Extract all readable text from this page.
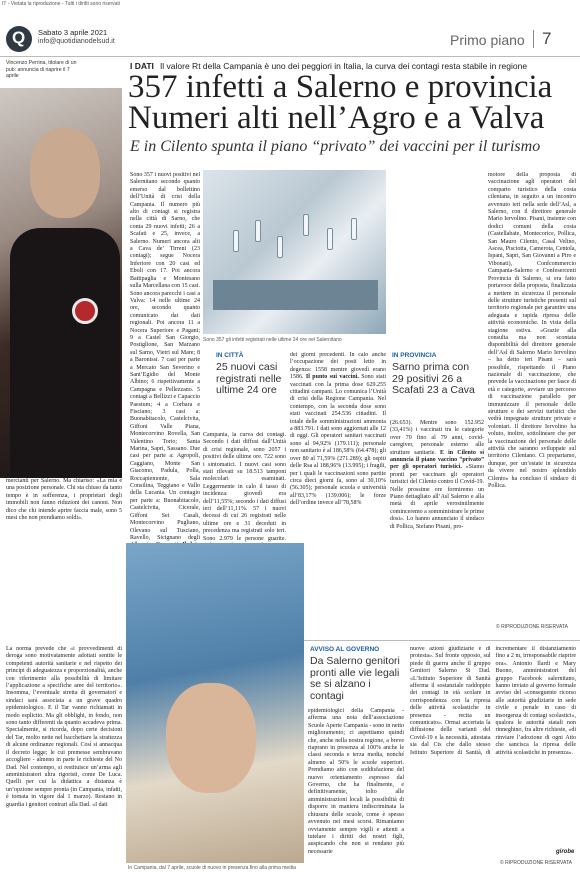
IT - Vietata la riproduzione - Tutti i diritti sono riservati
Q Sabato 3 aprile 2021
info@quotidianodelsud.it	Primo piano 7
Vincenzo Perrina, titolare di un pub: annuncia di riaprire il 7 aprile
mercianti per Salerno. Ma chiariso: «La mia è una posizione personale. Chi sta chiuso da tanto tempo è in sofferenza, i proprietari degli immobili non fanno riduzioni dei canoni. Non dico che chi intende aprire faccia male, sono 5 mesi che non prendiamo soldi».
I DATI Il valore Rt della Campania è uno dei peggiori in Italia, la curva dei contagi resta stabile in regione
357 infetti a Salerno e provincia
Numeri alti nell’Agro e a Valva
E in Cilento spunta il piano “privato” dei vaccini per il turismo
Sono 357 i nuovi positivi nel Salernitano secondo quanto emerso dal bollettino dell’Unità di crisi della Campania. Il numero più alto di contagi si registra nella città di Sarno, che conta 29 nuovi infetti; 26 a Scafati e 25, invece, a Salerno. Numeri ancora alti a Cava de’ Tirreni (23 contagi); segue Nocera Inferiore con 20 casi ed Eboli con 17. Poi ancora Battipaglia e Montesano sulla Marcellana con 15 casi. Sono ancora parecchi i casi a Valva: 14 nelle ultime 24 ore, secondo quanto comunicato dai dati regionali. Poi ancora 11 a Nocera Superiore e Pagani; 9 a Castel San Giorgio, Postiglione, San Marzano sul Sarno, Vietri sul Mare; 8 a Baronissi. 7 casi per parte a Mercato San Severino e Sant’Egidio del Monte Albino; 6 rispettivamente a Campagna e Pellezzano. 5 contagi a Bellizzi e Capaccio Paestum; 4 a Corbara e Fisciano; 3 casi a: Buonabitacolo, Castelcivita, Giffoni Valle Piana, Montecorvino Rovella, San Valentino Torio; Santa Marina, Sapri, Sassano. Due casi per parte a: Agropoli, Caggiano, Monte San Giacomo, Padula, Polla, Roccapiemonte, Sala Consilina, Teggiano e Vallo della Lucania. Un contagio per parte a: Buonabitacolo, Castelcivita, Cicerale, Giffoni Sei Casali, Montecorvino Pugliano, Olevano sul Tusciano, Ravello, Sicignano degli
Sono 357 gli infetti registrati nelle ultime 24 ore nel Salernitano
IN CITTÀ
25 nuovi casi registrati nelle ultime 24 ore
Campania, la curva dei contagi. Secondo i dati diffusi dall’Unità di crisi regionale, sono 2057 i positivi delle ultime ore. 722 sono i sintomatici. I nuovi casi sono stati rilevati su 18.513 tamponi molecolari esaminati. Leggermente in calo il tasso di incidenza: giovedì era dell’11,55%; secondo i dati diffusi ieri dell’11,11%. 57 i nuovi decessi di cui 26 registrati nelle ultime ore e 31 deceduti in precedenza ma registrati solo ieri. Sono 2.979 le persone guarite.
dei giorni precedenti. In calo anche l’occupazione dei posti letto in degenza: 1558 mentre giovedì erano 1586. Il punto sui vaccini. Sono stati vaccinati con la prima dose 629.255 cittadini campani. Lo comunica l’Unità di crisi della Regione Campania. Nel contempo, con la seconda dose sono stati vaccinati 254.536 cittadini. Il totale delle somministrazioni ammonta a 883.791. I dati sono aggiornati alle 12 di oggi. Gli operatori sanitari vaccinati sono al 94,92% (179.111); personale non sanitario è al 186,58% (64.478); gli over 80 al 71,59% (271.289); gli ospiti delle Rsa al 188,96% (13.995); i fragili, per i quali le vaccinazioni sono partite circa dieci giorni fa, sono al 30,10% (56.305); personale scuola e università all’83,17% (139.006); le forze dell’ordine invece all’78,58%
IN PROVINCIA
Sarno prima con 29 positivi 26 a Scafati 23 a Cava
(26.653). Mentre sono 152.952 (33,41%) i vaccinati tra le categorie over 70 fino al 79 anni, covid-caregiver, personale esterno alle strutture sanitarie. E in Cilento si annuncia il piano vaccino “privato” per gli operatori turistici. «Siamo pronti per vaccinare gli operatori turistici del Cilento contro il Covid-19. Nelle prossime ore formiremo un Piano dettagliato all’Asl Salerno e alla metà di aprile verosimilmente cominceremo a somministrare le prime dosi». Lo hanno annunciato il sindaco di Pollica, Stefano Pisani, pro-
motore della proposta di vaccinazione agli operatori del comparto turistico della costa cilentana, in seguito a un incontro avvenuto ieri nella sede dell’Asl, a Salerno, con il direttore generale Mario Iervolino. Pisani, insieme con dodici comuni della costa (Castellabate, Montecorice, Pollica, San Mauro Cilento, Casal Velino, Ascea, Pisciotta, Camerota, Centola, Ispani, Sapri, San Giovanni a Piro e Vibonati), Confcommercio Campania-Salerno e Confesercenti Provincia di Salerno, si era fatto portavoce della proposta, finalizzata a mettere in sicurezza il personale delle strutture turistiche presenti sul territorio regionale per garantire una adeguata e rapida ripresa delle attività economiche. In vista della stagione estiva. «Grazie alla consulta ma non scontata disponibilità del direttore generale dell’Asl di Salerno Mario Iervolino – ha detto ieri Pisani – sarà possibile, rispettando il Piano nazionale di vaccinazione, che prevede la vaccinazione per fasce di età e categorie, avviare un percorso di vaccinazione parallelo per immunizzare il personale delle strutture e dei servizi turistici che vedrà impegnate strutture private e volontari. Il direttore Iervolino ha voluto, inoltre, sottolineare che per la vaccinazione del personale delle attività che saranno sviluppate sul territorio Cilentano. Ci prepariamo, dunque, per un’estate in sicurezza da vivere nel nostro splendido Cilento» ha concluso il sindaco di Pollica.
© RIPRODUZIONE RISERVATA
La norma prevede che «i provvedimenti di deroga sono motivatamente adottati sentite le competenti autorità sanitarie e nel rispetto dei principi di adeguatezza e proporzionalità, anche con riferimento alla possibilità di limitare l’applicazione a specifiche aree del territorio». Insomma, l’eventuale stretta di governatori e sindaci sarà associata a un grave quadro epidemiologico. E il Tar vanno richiamati in modo esplicito. Ma gli obblighi, in fondo, non sono tanto differenti da quanto accadeva prima. Specialmente, si ricorda, dopo certe decisioni del Tar, molto nette nel bacchettare la strattezza di alcune ordinanze regionali. Così si annacqua il decreto legge; le cui premesse sembravano accogliere - almeno in parte le richieste del No Dad. Nel contempo, si restituisce un’arma agli amministratori ultra rigoristi, come De Luca. Quelli per cui la didattica a distanza è un’opzione sempre pronta (in Campania, infatti, è tornata in vigore dal 1 marzo). Restano in guardia i genitori contrari alla Dad. «I dati
In Campania, dal 7 aprile, scuole di nuovo in presenza fino alla prima media
AVVISO AL GOVERNO
Da Salerno genitori pronti alle vie legali se si alzano i contagi
epidemiologici della Campania - afferma una nota dell’associazione Scuole Aperte Campania - sono in netto miglioramento; ci aspettiamo quindi che, anche nella nostra regione, a breve riaprano in presenza al 100% anche le classi seconda e terza media, nonché almeno al 50% le scuole superiori. Prendiamo atto con soddisfazione del nuovo orientamento espresso dal Governo, che ha finalmente, e definitivamente, tolto alle amministrazioni locali la possibilità di disporre in maniera indiscriminata la chiusura delle scuole, come è spesso avvenuto nei mesi scorsi. Rimaniamo ovviamente sempre vigili e attenti a tutelare i diritti dei nostri figli, auspicando che non si rendano più necessarie
nuove azioni giudiziarie e di protesta». Sul fronte opposto, sul piede di guerra anche il gruppo Genitori Salerno Si Dad. «L’Istituto Superiore di Sanità afferma il sostanziale raddoppio dei contagi in età scolare in corrispondenza con la ripresa delle attività scolastiche in presenza - recita un comunicato». Ormai accertata la diffusione delle varianti del Covid-19 e la necessità, attestata sia dal Cts che dallo stesso Istituto Superiore di Sanità, di incrementare il distanziamento fino a 2 m, irresponsabile riaprire ora». Antonio Ilardi e Mary Buono, amministratori del gruppo Facebook salernitano, hanno inviato al governo formale avviso del «conseguente ricorso alle autorità giudiziarie in sede civile e penale in caso di insorgenza di contagi scolastici», qualora le autorità statali non rinneghino, fra altre richieste, «di rinviare l’adozione di ogni Atto che sancisca la ripresa delle attività scolastiche in presenza».
girobe
© RIPRODUZIONE RISERVATA
